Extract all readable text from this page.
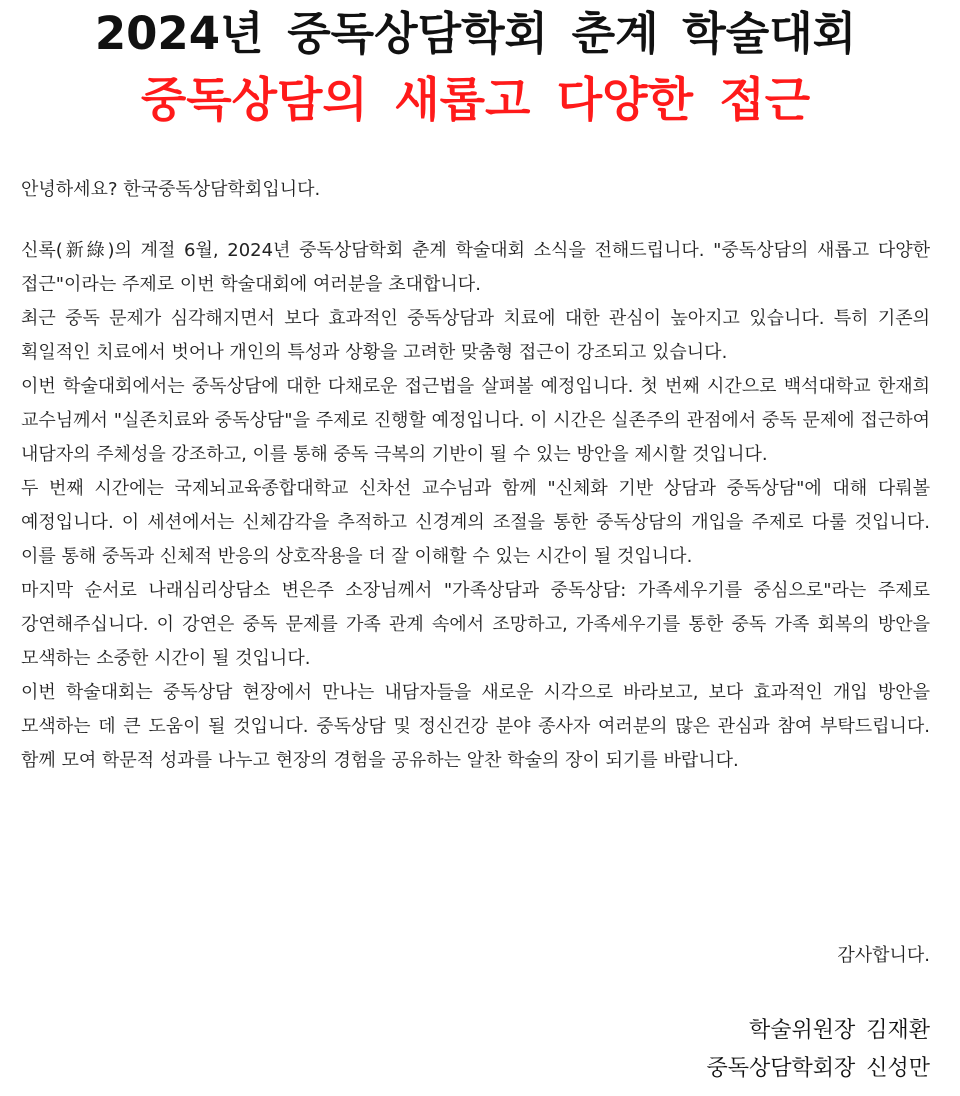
2024년 중독상담학회 춘계 학술대회
중독상담의 새롭고 다양한 접근

안녕하세요? 한국중독상담학회입니다.

신록(新綠)의 계절 6월, 2024년 중독상담학회 춘계 학술대회 소식을 전해드립니다. "중독상담의 새롭고 다양한 접근"이라는 주제로 이번 학술대회에 여러분을 초대합니다.

최근 중독 문제가 심각해지면서 보다 효과적인 중독상담과 치료에 대한 관심이 높아지고 있습니다. 특히 기존의 획일적인 치료에서 벗어나 개인의 특성과 상황을 고려한 맞춤형 접근이 강조되고 있습니다.

이번 학술대회에서는 중독상담에 대한 다채로운 접근법을 살펴볼 예정입니다. 첫 번째 시간으로 백석대학교 한재희 교수님께서 "실존치료와 중독상담"을 주제로 진행할 예정입니다. 이 시간은 실존주의 관점에서 중독 문제에 접근하여 내담자의 주체성을 강조하고, 이를 통해 중독 극복의 기반이 될 수 있는 방안을 제시할 것입니다.

두 번째 시간에는 국제뇌교육종합대학교 신차선 교수님과 함께 "신체화 기반 상담과 중독상담"에 대해 다뤄볼 예정입니다. 이 세션에서는 신체감각을 추적하고 신경계의 조절을 통한 중독상담의 개입을 주제로 다룰 것입니다. 이를 통해 중독과 신체적 반응의 상호작용을 더 잘 이해할 수 있는 시간이 될 것입니다.

마지막 순서로 나래심리상담소 변은주 소장님께서 "가족상담과 중독상담: 가족세우기를 중심으로"라는 주제로 강연해주십니다. 이 강연은 중독 문제를 가족 관계 속에서 조망하고, 가족세우기를 통한 중독 가족 회복의 방안을 모색하는 소중한 시간이 될 것입니다.

이번 학술대회는 중독상담 현장에서 만나는 내담자들을 새로운 시각으로 바라보고, 보다 효과적인 개입 방안을 모색하는 데 큰 도움이 될 것입니다. 중독상담 및 정신건강 분야 종사자 여러분의 많은 관심과 참여 부탁드립니다. 함께 모여 학문적 성과를 나누고 현장의 경험을 공유하는 알찬 학술의 장이 되기를 바랍니다.

감사합니다.
학술위원장 김재환
중독상담학회장 신성만
